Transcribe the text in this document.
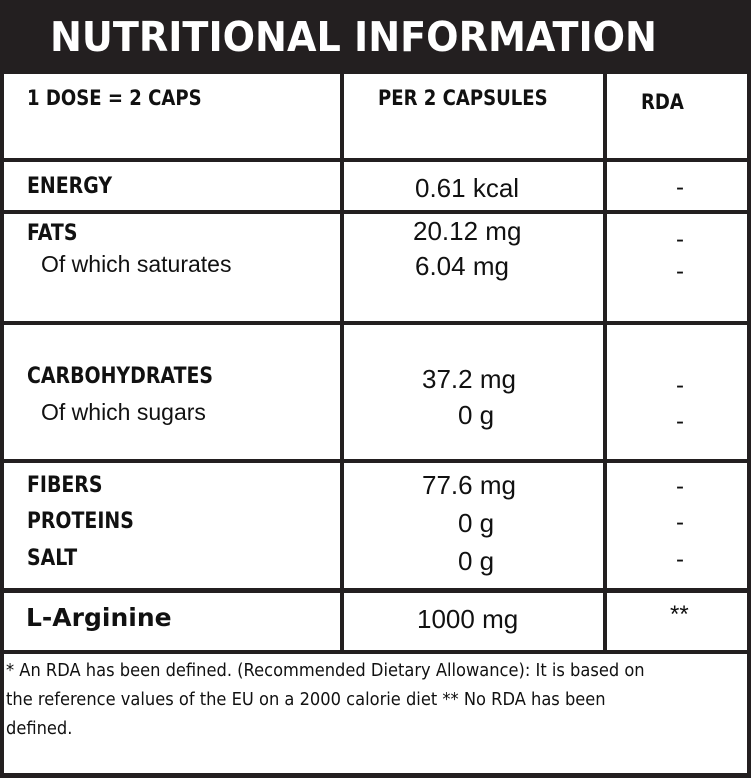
NUTRITIONAL INFORMATION
1 DOSE = 2 CAPS	PER 2 CAPSULES	RDA
ENERGY	0.61 kcal	-
FATS	20.12 mg	-
Of which saturates	6.04 mg	-
CARBOHYDRATES	37.2 mg	-
Of which sugars	0 g	-
FIBERS	77.6 mg	-
PROTEINS	0 g	-
SALT	0 g	-
L-Arginine	1000 mg	**
* An RDA has been defined. (Recommended Dietary Allowance): It is based on
the reference values of the EU on a 2000 calorie diet ** No RDA has been
defined.
